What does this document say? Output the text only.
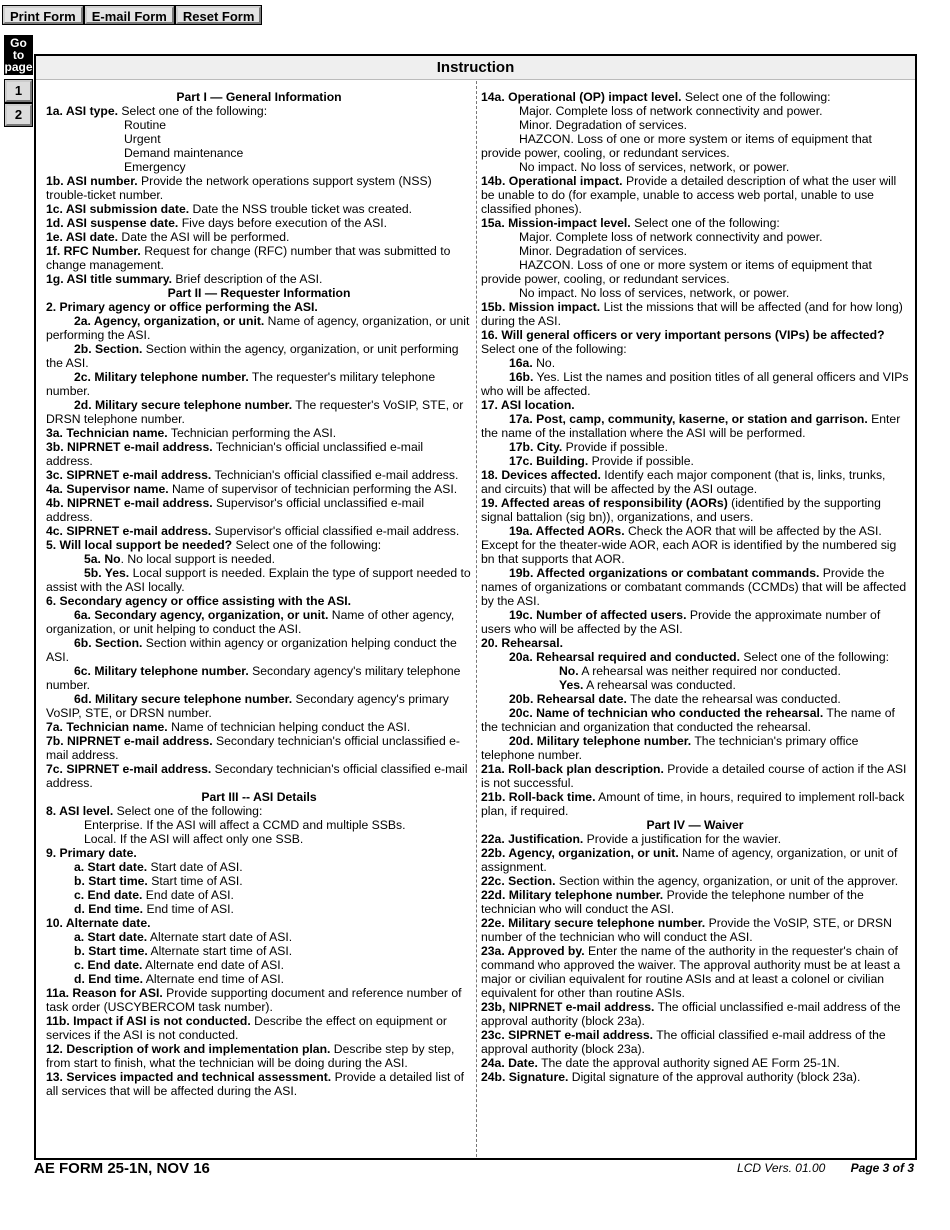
Print Form	E-mail Form	Reset Form
Go to page
1
2
Instruction

Part I — General Information

1a. ASI type. Select one of the following:

Routine

Urgent

Demand maintenance

Emergency

1b. ASI number. Provide the network operations support system (NSS) trouble-ticket number.

1c. ASI submission date. Date the NSS trouble ticket was created.

1d. ASI suspense date. Five days before execution of the ASI.

1e. ASI date. Date the ASI will be performed.

1f. RFC Number. Request for change (RFC) number that was submitted to change management.

1g. ASI title summary. Brief description of the ASI.

Part II — Requester Information

2. Primary agency or office performing the ASI.

2a. Agency, organization, or unit. Name of agency, organization, or unit performing the ASI.

2b. Section. Section within the agency, organization, or unit performing the ASI.

2c. Military telephone number. The requester's military telephone number.

2d. Military secure telephone number. The requester's VoSIP, STE, or DRSN telephone number.

3a. Technician name. Technician performing the ASI.

3b. NIPRNET e-mail address. Technician's official unclassified e-mail address.

3c. SIPRNET e-mail address. Technician's official classified e-mail address.

4a. Supervisor name. Name of supervisor of technician performing the ASI.

4b. NIPRNET e-mail address. Supervisor's official unclassified e-mail address.

4c. SIPRNET e-mail address. Supervisor's official classified e-mail address.

5. Will local support be needed? Select one of the following:

5a. No. No local support is needed.

5b. Yes. Local support is needed. Explain the type of support needed to assist with the ASI locally.

6. Secondary agency or office assisting with the ASI.

6a. Secondary agency, organization, or unit. Name of other agency, organization, or unit helping to conduct the ASI.

6b. Section. Section within agency or organization helping conduct the ASI.

6c. Military telephone number. Secondary agency's military telephone number.

6d. Military secure telephone number. Secondary agency's primary VoSIP, STE, or DRSN number.

7a. Technician name. Name of technician helping conduct the ASI.

7b. NIPRNET e-mail address. Secondary technician's official unclassified e-mail address.

7c. SIPRNET e-mail address. Secondary technician's official classified e-mail address.

Part III -- ASI Details

8. ASI level. Select one of the following:

Enterprise. If the ASI will affect a CCMD and multiple SSBs.

Local. If the ASI will affect only one SSB.

9. Primary date.

a. Start date. Start date of ASI.

b. Start time. Start time of ASI.

c. End date. End date of ASI.

d. End time. End time of ASI.

10. Alternate date.

a. Start date. Alternate start date of ASI.

b. Start time. Alternate start time of ASI.

c. End date. Alternate end date of ASI.

d. End time. Alternate end time of ASI.

11a. Reason for ASI. Provide supporting document and reference number of task order (USCYBERCOM task number).

11b. Impact if ASI is not conducted. Describe the effect on equipment or services if the ASI is not conducted.

12. Description of work and implementation plan. Describe step by step, from start to finish, what the technician will be doing during the ASI.

13. Services impacted and technical assessment. Provide a detailed list of all services that will be affected during the ASI.

14a. Operational (OP) impact level. Select one of the following:

Major. Complete loss of network connectivity and power.

Minor. Degradation of services.

HAZCON. Loss of one or more system or items of equipment that provide power, cooling, or redundant services.

No impact. No loss of services, network, or power.

14b. Operational impact. Provide a detailed description of what the user will be unable to do (for example, unable to access web portal, unable to use classified phones).

15a. Mission-impact level. Select one of the following:

Major. Complete loss of network connectivity and power.

Minor. Degradation of services.

HAZCON. Loss of one or more system or items of equipment that provide power, cooling, or redundant services.

No impact. No loss of services, network, or power.

15b. Mission impact. List the missions that will be affected (and for how long) during the ASI.

16. Will general officers or very important persons (VIPs) be affected? Select one of the following:

16a. No.

16b. Yes. List the names and position titles of all general officers and VIPs who will be affected.

17. ASI location.

17a. Post, camp, community, kaserne, or station and garrison. Enter the name of the installation where the ASI will be performed.

17b. City. Provide if possible.

17c. Building. Provide if possible.

18. Devices affected. Identify each major component (that is, links, trunks, and circuits) that will be affected by the ASI outage.

19. Affected areas of responsibility (AORs) (identified by the supporting signal battalion (sig bn)), organizations, and users.

19a. Affected AORs. Check the AOR that will be affected by the ASI. Except for the theater-wide AOR, each AOR is identified by the numbered sig bn that supports that AOR.

19b. Affected organizations or combatant commands. Provide the names of organizations or combatant commands (CCMDs) that will be affected by the ASI.

19c. Number of affected users. Provide the approximate number of users who will be affected by the ASI.

20. Rehearsal.

20a. Rehearsal required and conducted. Select one of the following:

No. A rehearsal was neither required nor conducted.

Yes. A rehearsal was conducted.

20b. Rehearsal date. The date the rehearsal was conducted.

20c. Name of technician who conducted the rehearsal. The name of the technician and organization that conducted the rehearsal.

20d. Military telephone number. The technician's primary office telephone number.

21a. Roll-back plan description. Provide a detailed course of action if the ASI is not successful.

21b. Roll-back time. Amount of time, in hours, required to implement roll-back plan, if required.

Part IV — Waiver

22a. Justification. Provide a justification for the wavier.

22b. Agency, organization, or unit. Name of agency, organization, or unit of assignment.

22c. Section. Section within the agency, organization, or unit of the approver.

22d. Military telephone number. Provide the telephone number of the technician who will conduct the ASI.

22e. Military secure telephone number. Provide the VoSIP, STE, or DRSN number of the technician who will conduct the ASI.

23a. Approved by. Enter the name of the authority in the requester's chain of command who approved the waiver. The approval authority must be at least a major or civilian equivalent for routine ASIs and at least a colonel or civilian equivalent for other than routine ASIs.

23b, NIPRNET e-mail address. The official unclassified e-mail address of the approval authority (block 23a).

23c. SIPRNET e-mail address. The official classified e-mail address of the approval authority (block 23a).

24a. Date. The date the approval authority signed AE Form 25-1N.

24b. Signature. Digital signature of the approval authority (block 23a).

AE FORM 25-1N, NOV 16	LCD Vers. 01.00 Page 3 of 3
